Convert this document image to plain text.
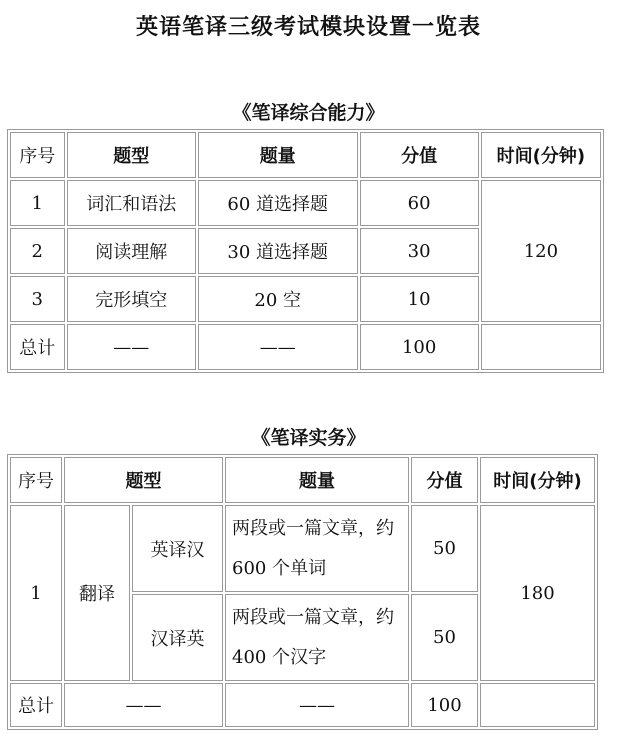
英语笔译三级考试模块设置一览表
《笔译综合能力》
序号	题型	题量	分值	时间(分钟)
1	词汇和语法	60 道选择题	60	120
2	阅读理解	30 道选择题	30	
3	完形填空	20 空	10	
总计	——	——	100	
《笔译实务》
序号	题型		题量	分值	时间(分钟)
1	翻译	英译汉	两段或一篇文章，约 600 个单词	50	180
		汉译英	两段或一篇文章，约 400 个汉字	50	
总计	——		——	100	
